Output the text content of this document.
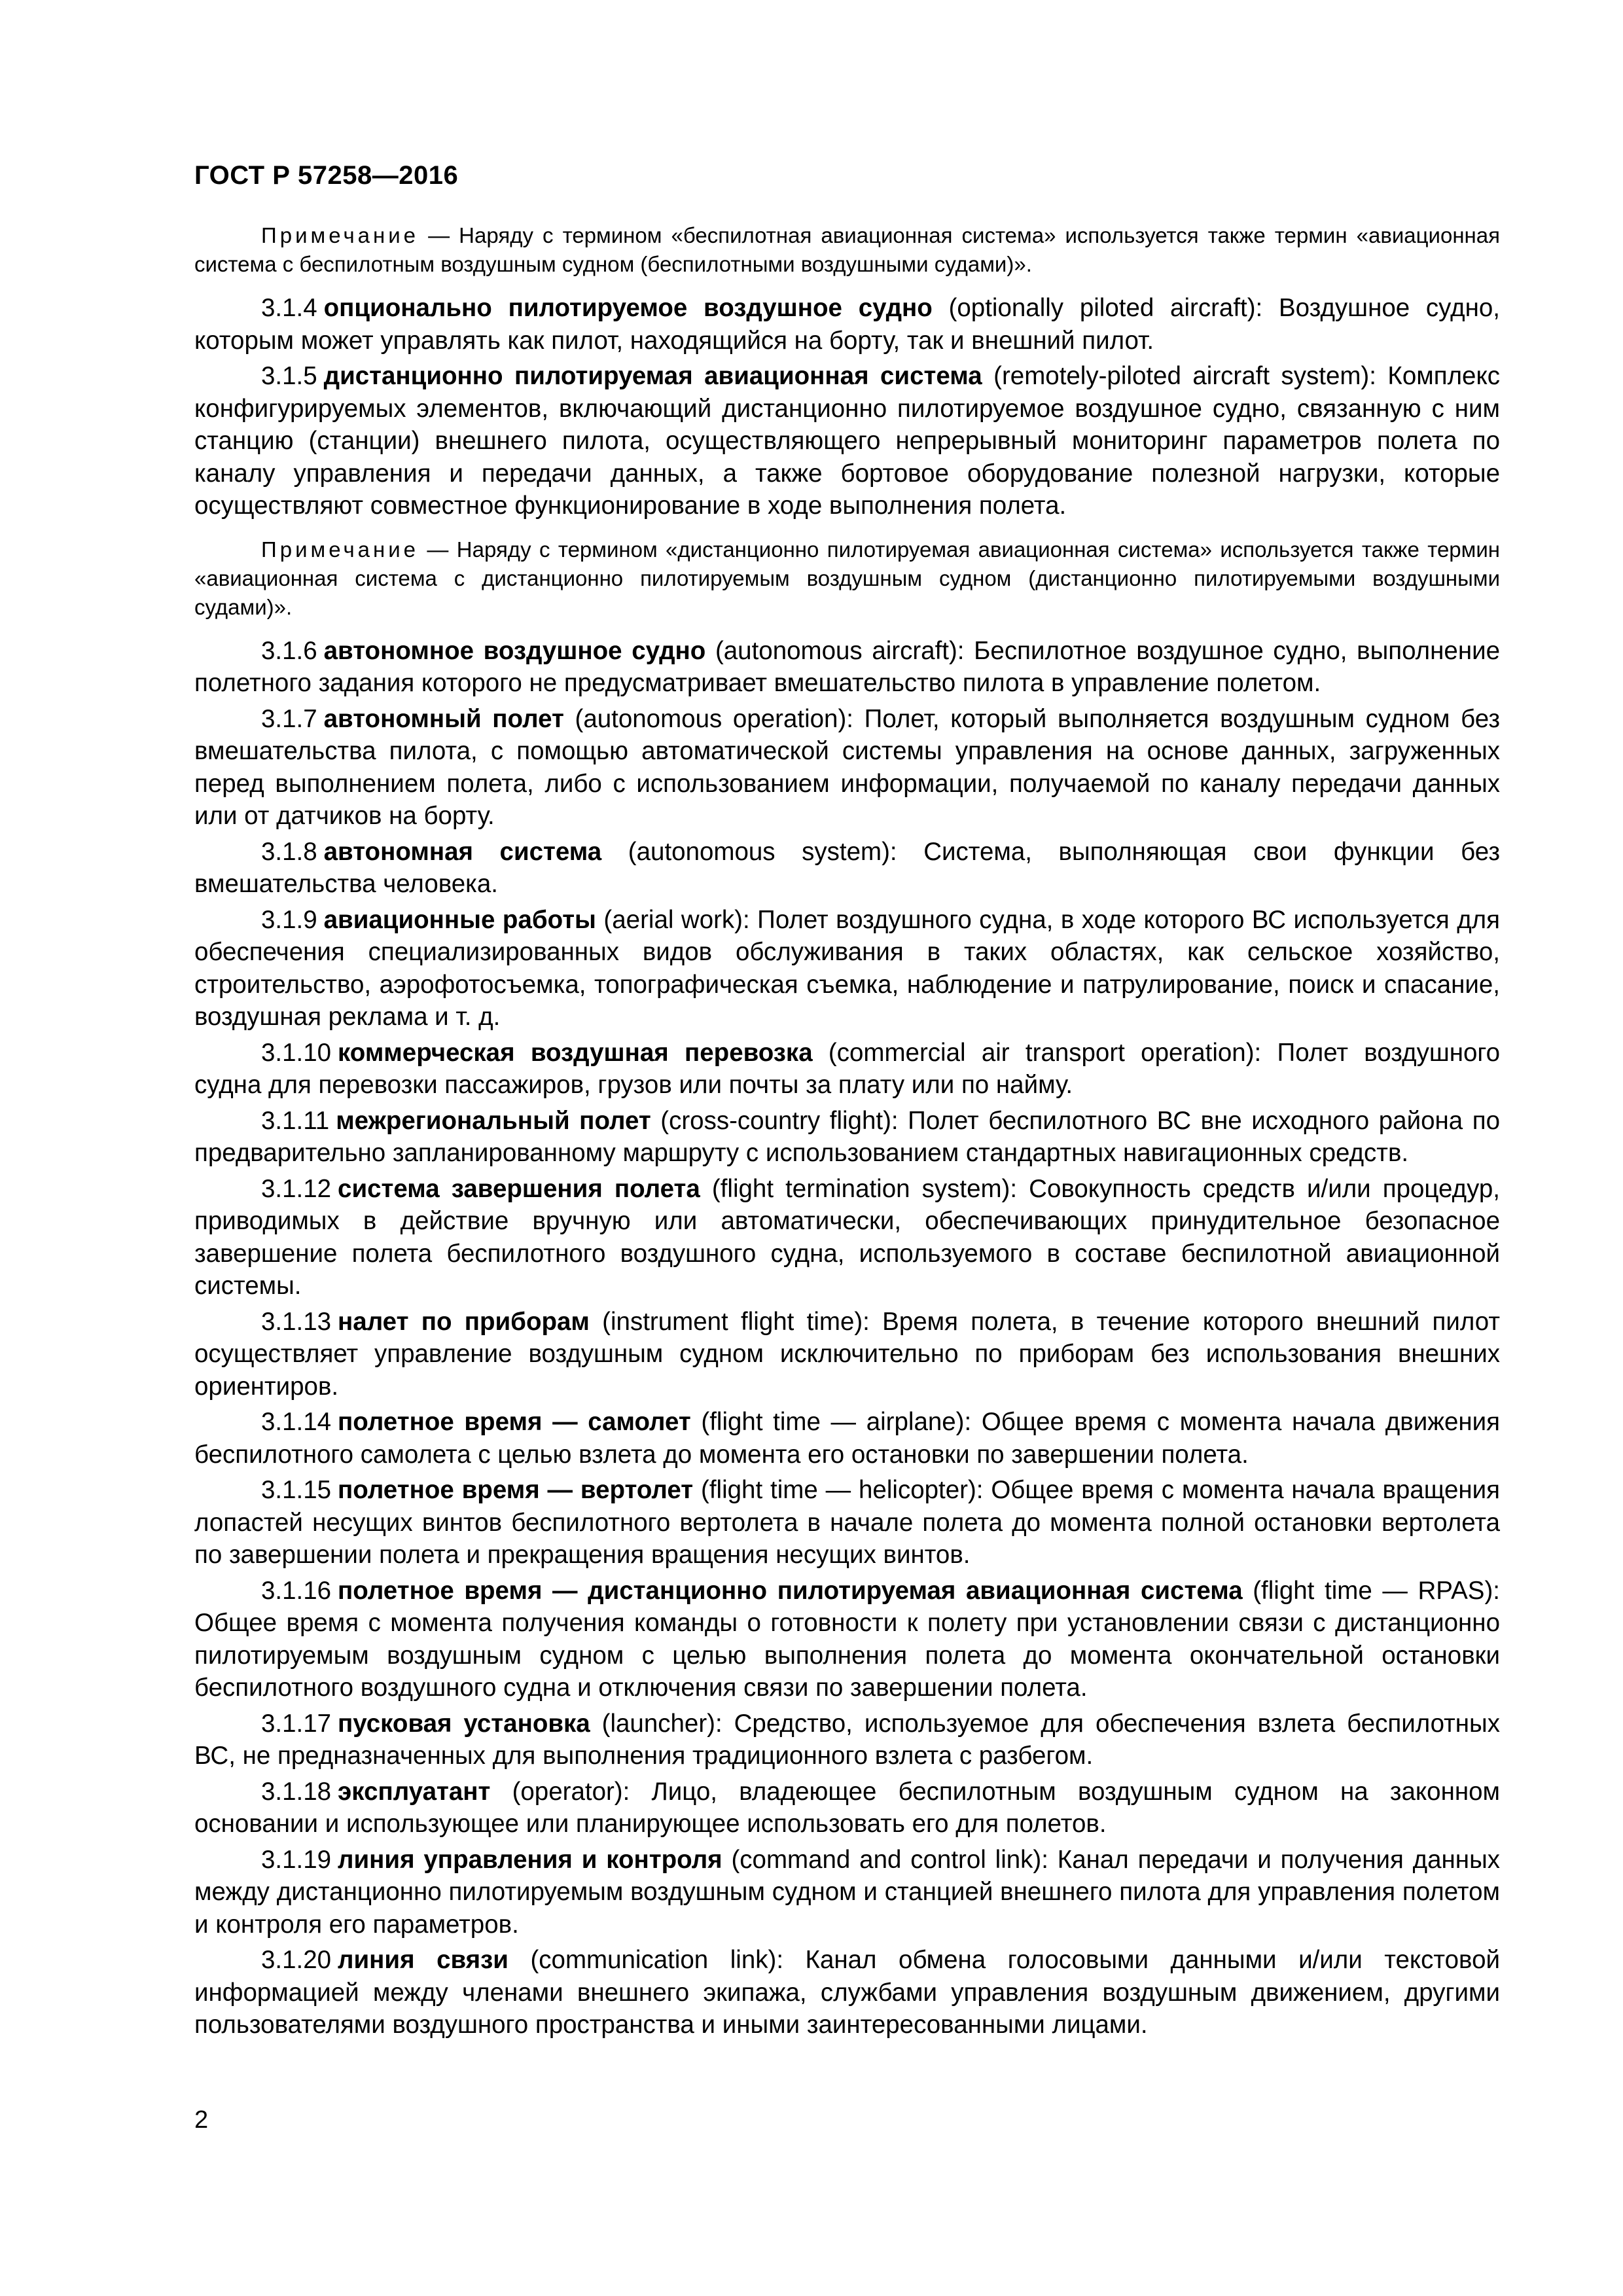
ГОСТ Р 57258—2016

Примечание — Наряду с термином «беспилотная авиационная система» используется также термин «авиационная система с беспилотным воздушным судном (беспилотными воздушными судами)».

3.1.4 опционально пилотируемое воздушное судно (optionally piloted aircraft): Воздушное судно, которым может управлять как пилот, находящийся на борту, так и внешний пилот.

3.1.5 дистанционно пилотируемая авиационная система (remotely-piloted aircraft system): Комплекс конфигурируемых элементов, включающий дистанционно пилотируемое воздушное судно, связанную с ним станцию (станции) внешнего пилота, осуществляющего непрерывный мониторинг параметров полета по каналу управления и передачи данных, а также бортовое оборудование полезной нагрузки, которые осуществляют совместное функционирование в ходе выполнения полета.

Примечание — Наряду с термином «дистанционно пилотируемая авиационная система» используется также термин «авиационная система с дистанционно пилотируемым воздушным судном (дистанционно пилотируемыми воздушными судами)».

3.1.6 автономное воздушное судно (autonomous aircraft): Беспилотное воздушное судно, выполнение полетного задания которого не предусматривает вмешательство пилота в управление полетом.

3.1.7 автономный полет (autonomous operation): Полет, который выполняется воздушным судном без вмешательства пилота, с помощью автоматической системы управления на основе данных, загруженных перед выполнением полета, либо с использованием информации, получаемой по каналу передачи данных или от датчиков на борту.

3.1.8 автономная система (autonomous system): Система, выполняющая свои функции без вмешательства человека.

3.1.9 авиационные работы (aerial work): Полет воздушного судна, в ходе которого ВС используется для обеспечения специализированных видов обслуживания в таких областях, как сельское хозяйство, строительство, аэрофотосъемка, топографическая съемка, наблюдение и патрулирование, поиск и спасание, воздушная реклама и т. д.

3.1.10 коммерческая воздушная перевозка (commercial air transport operation): Полет воздушного судна для перевозки пассажиров, грузов или почты за плату или по найму.

3.1.11 межрегиональный полет (cross-country flight): Полет беспилотного ВС вне исходного района по предварительно запланированному маршруту с использованием стандартных навигационных средств.

3.1.12 система завершения полета (flight termination system): Совокупность средств и/или процедур, приводимых в действие вручную или автоматически, обеспечивающих принудительное безопасное завершение полета беспилотного воздушного судна, используемого в составе беспилотной авиационной системы.

3.1.13 налет по приборам (instrument flight time): Время полета, в течение которого внешний пилот осуществляет управление воздушным судном исключительно по приборам без использования внешних ориентиров.

3.1.14 полетное время — самолет (flight time — airplane): Общее время с момента начала движения беспилотного самолета с целью взлета до момента его остановки по завершении полета.

3.1.15 полетное время — вертолет (flight time — helicopter): Общее время с момента начала вращения лопастей несущих винтов беспилотного вертолета в начале полета до момента полной остановки вертолета по завершении полета и прекращения вращения несущих винтов.

3.1.16 полетное время — дистанционно пилотируемая авиационная система (flight time — RPAS): Общее время с момента получения команды о готовности к полету при установлении связи с дистанционно пилотируемым воздушным судном с целью выполнения полета до момента окончательной остановки беспилотного воздушного судна и отключения связи по завершении полета.

3.1.17 пусковая установка (launcher): Средство, используемое для обеспечения взлета беспилотных ВС, не предназначенных для выполнения традиционного взлета с разбегом.

3.1.18 эксплуатант (operator): Лицо, владеющее беспилотным воздушным судном на законном основании и использующее или планирующее использовать его для полетов.

3.1.19 линия управления и контроля (command and control link): Канал передачи и получения данных между дистанционно пилотируемым воздушным судном и станцией внешнего пилота для управления полетом и контроля его параметров.

3.1.20 линия связи (communication link): Канал обмена голосовыми данными и/или текстовой информацией между членами внешнего экипажа, службами управления воздушным движением, другими пользователями воздушного пространства и иными заинтересованными лицами.

2
